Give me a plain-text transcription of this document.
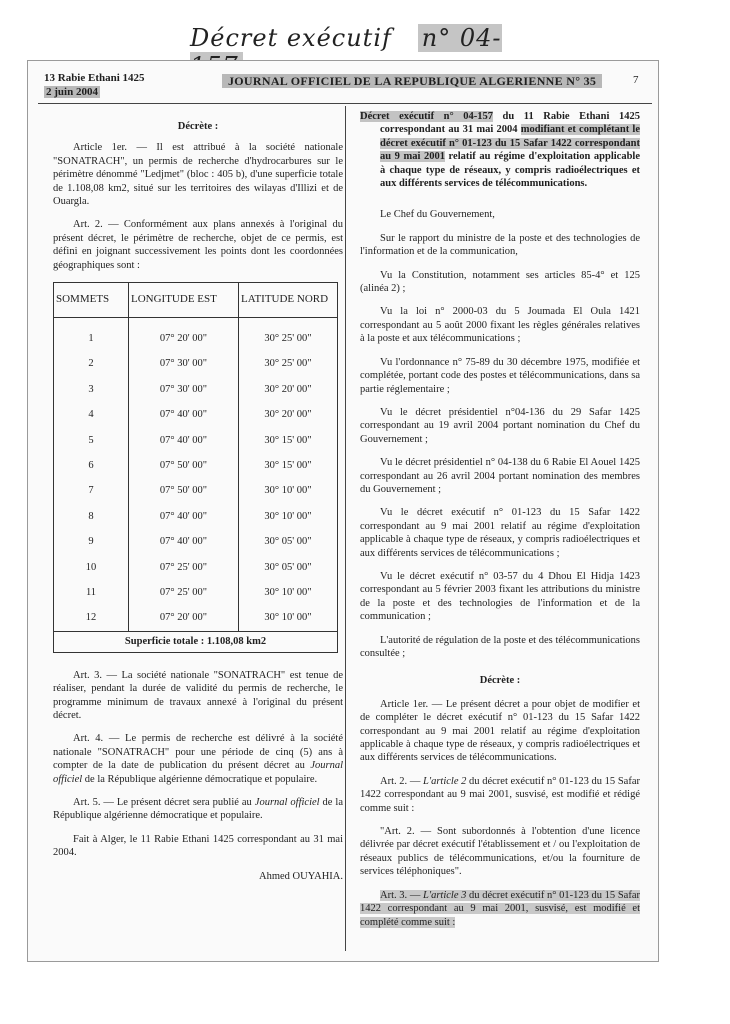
Décret exécutif n° 04-
13 Rabie Ethani 1425
2 juin 2004
JOURNAL OFFICIEL DE LA REPUBLIQUE ALGERIENNE N° 35	7
Décrète :
Article 1er. — Il est attribué à la société nationale "SONATRACH", un permis de recherche d'hydrocarbures sur le périmètre dénommé "Ledjmet" (bloc : 405 b), d'une superficie totale de 1.108,08 km2, situé sur les territoires des wilayas d'Illizi et de Ouargla.
Art. 2. — Conformément aux plans annexés à l'original du présent décret, le périmètre de recherche, objet de ce permis, est défini en joignant successivement les points dont les coordonnées géographiques sont :
SOMMETS	LONGITUDE EST	LATITUDE NORD
1	07° 20' 00"	30° 25' 00"
2	07° 30' 00"	30° 25' 00"
3	07° 30' 00"	30° 20' 00"
4	07° 40' 00"	30° 20' 00"
5	07° 40' 00"	30° 15' 00"
6	07° 50' 00"	30° 15' 00"
7	07° 50' 00"	30° 10' 00"
8	07° 40' 00"	30° 10' 00"
9	07° 40' 00"	30° 05' 00"
10	07° 25' 00"	30° 05' 00"
11	07° 25' 00"	30° 10' 00"
12	07° 20' 00"	30° 10' 00"
Superficie totale : 1.108,08 km2
Art. 3. — La société nationale "SONATRACH" est tenue de réaliser, pendant la durée de validité du permis de recherche, le programme minimum de travaux annexé à l'original du présent décret.
Art. 4. — Le permis de recherche est délivré à la société nationale "SONATRACH" pour une période de cinq (5) ans à compter de la date de publication du présent décret au Journal officiel de la République algérienne démocratique et populaire.
Art. 5. — Le présent décret sera publié au Journal officiel de la République algérienne démocratique et populaire.
Fait à Alger, le 11 Rabie Ethani 1425 correspondant au 31 mai 2004.
Ahmed OUYAHIA.
Décret exécutif n° 04-157 du 11 Rabie Ethani 1425 correspondant au 31 mai 2004 modifiant et complétant le décret exécutif n° 01-123 du 15 Safar 1422 correspondant au 9 mai 2001 relatif au régime d'exploitation applicable à chaque type de réseaux, y compris radioélectriques et aux différents services de télécommunications.
Le Chef du Gouvernement,
Sur le rapport du ministre de la poste et des technologies de l'information et de la communication,
Vu la Constitution, notamment ses articles 85-4° et 125 (alinéa 2) ;
Vu la loi n° 2000-03 du 5 Joumada El Oula 1421 correspondant au 5 août 2000 fixant les règles générales relatives à la poste et aux télécommunications ;
Vu l'ordonnance n° 75-89 du 30 décembre 1975, modifiée et complétée, portant code des postes et télécommunications, dans sa partie réglementaire ;
Vu le décret présidentiel n°04-136 du 29 Safar 1425 correspondant au 19 avril 2004 portant nomination du Chef du Gouvernement ;
Vu le décret présidentiel n° 04-138 du 6 Rabie El Aouel 1425 correspondant au 26 avril 2004 portant nomination des membres du Gouvernement ;
Vu le décret exécutif n° 01-123 du 15 Safar 1422 correspondant au 9 mai 2001 relatif au régime d'exploitation applicable à chaque type de réseaux, y compris radioélectriques et aux différents services de télécommunications ;
Vu le décret exécutif n° 03-57 du 4 Dhou El Hidja 1423 correspondant au 5 février 2003 fixant les attributions du ministre de la poste et des technologies de l'information et de la communication ;
L'autorité de régulation de la poste et des télécommunications consultée ;
Décrète :
Article 1er. — Le présent décret a pour objet de modifier et de compléter le décret exécutif n° 01-123 du 15 Safar 1422 correspondant au 9 mai 2001 relatif au régime d'exploitation applicable à chaque type de réseaux, y compris radioélectriques et aux différents services de télécommunications.
Art. 2. — L'article 2 du décret exécutif n° 01-123 du 15 Safar 1422 correspondant au 9 mai 2001, susvisé, est modifié et rédigé comme suit :
"Art. 2. — Sont subordonnés à l'obtention d'une licence délivrée par décret exécutif l'établissement et / ou l'exploitation de réseaux publics de télécommunications, et/ou la fourniture de services téléphoniques".
Art. 3. — L'article 3 du décret exécutif n° 01-123 du 15 Safar 1422 correspondant au 9 mai 2001, susvisé, est modifié et complété comme suit :
